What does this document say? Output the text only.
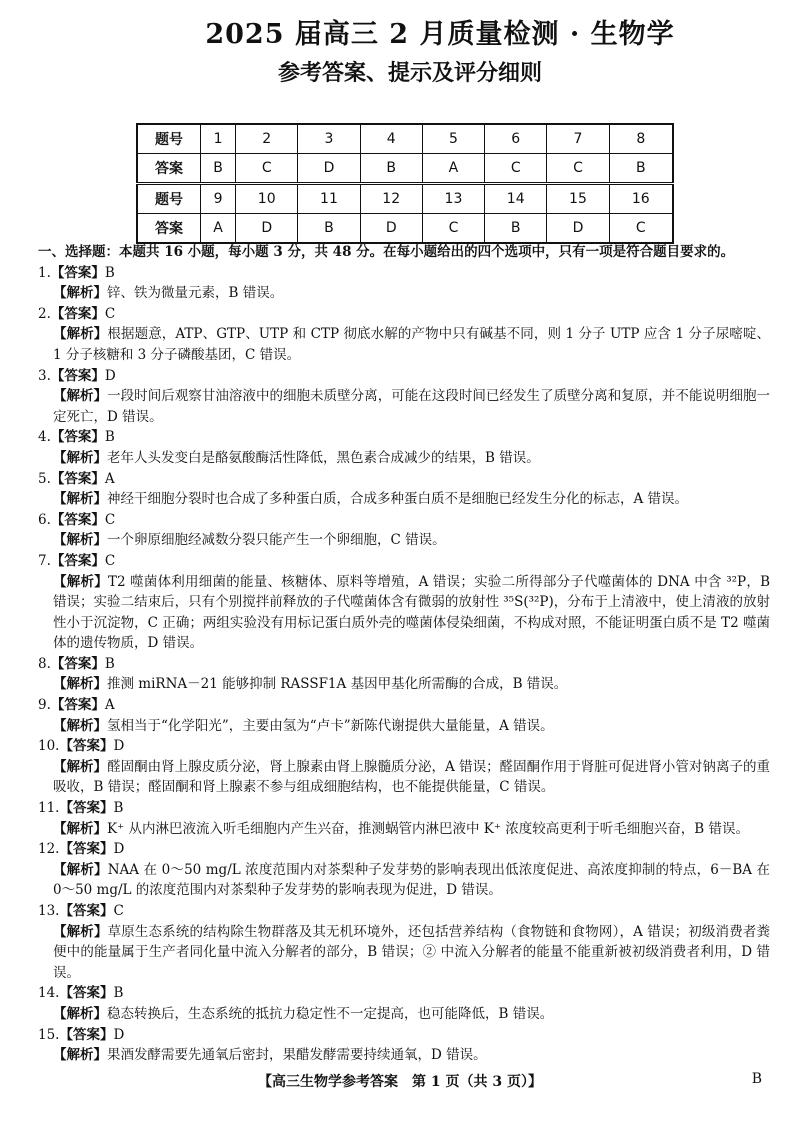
2025 届高三 2 月质量检测 · 生物学
参考答案、提示及评分细则
题号	1	2	3	4	5	6	7	8
答案	B	C	D	B	A	C	C	B
题号	9	10	11	12	13	14	15	16
答案	A	D	B	D	C	B	D	C

一、选择题：本题共 16 小题，每小题 3 分，共 48 分。在每小题给出的四个选项中，只有一项是符合题目要求的。

1.【答案】B

【解析】锌、铁为微量元素，B 错误。

2.【答案】C

【解析】根据题意，ATP、GTP、UTP 和 CTP 彻底水解的产物中只有碱基不同，则 1 分子 UTP 应含 1 分子尿嘧啶、1 分子核糖和 3 分子磷酸基团，C 错误。

3.【答案】D

【解析】一段时间后观察甘油溶液中的细胞未质壁分离，可能在这段时间已经发生了质壁分离和复原，并不能说明细胞一定死亡，D 错误。

4.【答案】B

【解析】老年人头发变白是酪氨酸酶活性降低，黑色素合成减少的结果，B 错误。

5.【答案】A

【解析】神经干细胞分裂时也合成了多种蛋白质，合成多种蛋白质不是细胞已经发生分化的标志，A 错误。

6.【答案】C

【解析】一个卵原细胞经减数分裂只能产生一个卵细胞，C 错误。

7.【答案】C

【解析】T2 噬菌体利用细菌的能量、核糖体、原料等增殖，A 错误；实验二所得部分子代噬菌体的 DNA 中含 ³²P，B 错误；实验二结束后，只有个别搅拌前释放的子代噬菌体含有微弱的放射性 ³⁵S(³²P)，分布于上清液中，使上清液的放射性小于沉淀物，C 正确；两组实验没有用标记蛋白质外壳的噬菌体侵染细菌，不构成对照，不能证明蛋白质不是 T2 噬菌体的遗传物质，D 错误。

8.【答案】B

【解析】推测 miRNA－21 能够抑制 RASSF1A 基因甲基化所需酶的合成，B 错误。

9.【答案】A

【解析】氢相当于“化学阳光”，主要由氢为“卢卡”新陈代谢提供大量能量，A 错误。

10.【答案】D

【解析】醛固酮由肾上腺皮质分泌，肾上腺素由肾上腺髓质分泌，A 错误；醛固酮作用于肾脏可促进肾小管对钠离子的重吸收，B 错误；醛固酮和肾上腺素不参与组成细胞结构，也不能提供能量，C 错误。

11.【答案】B

【解析】K⁺ 从内淋巴液流入听毛细胞内产生兴奋，推测蜗管内淋巴液中 K⁺ 浓度较高更利于听毛细胞兴奋，B 错误。

12.【答案】D

【解析】NAA 在 0～50 mg/L 浓度范围内对茶梨种子发芽势的影响表现出低浓度促进、高浓度抑制的特点，6－BA 在 0～50 mg/L 的浓度范围内对茶梨种子发芽势的影响表现为促进，D 错误。

13.【答案】C

【解析】草原生态系统的结构除生物群落及其无机环境外，还包括营养结构（食物链和食物网），A 错误；初级消费者粪便中的能量属于生产者同化量中流入分解者的部分，B 错误；② 中流入分解者的能量不能重新被初级消费者利用，D 错误。

14.【答案】B

【解析】稳态转换后，生态系统的抵抗力稳定性不一定提高，也可能降低，B 错误。

15.【答案】D

【解析】果酒发酵需要先通氧后密封，果醋发酵需要持续通氧，D 错误。

【高三生物学参考答案　第 1 页（共 3 页）】	B
